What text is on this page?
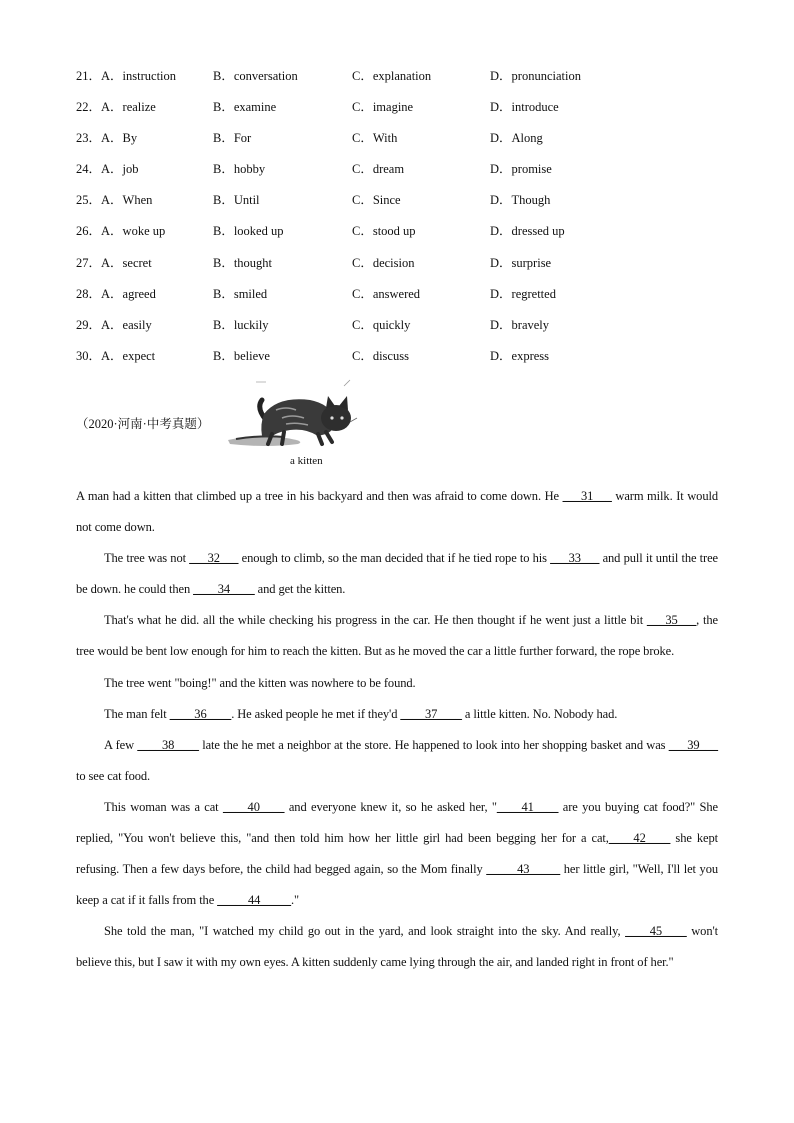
21．A．instruction	B．conversation	C．explanation	D．pronunciation
22．A．realize	B．examine	C．imagine	D．introduce
23．A．By	B．For	C．With	D．Along
24．A．job	B．hobby	C．dream	D．promise
25．A．When	B．Until	C．Since	D．Though
26．A．woke up	B．looked up	C．stood up	D．dressed up
27．A．secret	B．thought	C．decision	D．surprise
28．A．agreed	B．smiled	C．answered	D．regretted
29．A．easily	B．luckily	C．quickly	D．bravely
30．A．expect	B．believe	C．discuss	D．express
（2020·河南·中考真题）
a kitten

A man had a kitten that climbed up a tree in his backyard and then was afraid to come down. He ___31___ warm milk. It would not come down.

The tree was not ___32___ enough to climb, so the man decided that if he tied rope to his ___33___ and pull it until the tree be down. he could then ____34____ and get the kitten.

That's what he did. all the while checking his progress in the car. He then thought if he went just a little bit ___35___, the tree would be bent low enough for him to reach the kitten. But as he moved the car a little further forward, the rope broke.

The tree went "boing!" and the kitten was nowhere to be found.

The man felt ____36____. He asked people he met if they'd ____37____ a little kitten. No. Nobody had.

A few ____38____ late the he met a neighbor at the store. He happened to look into her shopping basket and was ___39___ to see cat food.

This woman was a cat ____40____ and everyone knew it, so he asked her, "____41____ are you buying cat food?" She replied, "You won't believe this, "and then told him how her little girl had been begging her for a cat,____42____ she kept refusing. Then a few days before, the child had begged again, so the Mom finally _____43_____ her little girl, "Well, I'll let you keep a cat if it falls from the _____44_____."

She told the man, "I watched my child go out in the yard, and look straight into the sky. And really, ____45____ won't believe this, but I saw it with my own eyes. A kitten suddenly came lying through the air, and landed right in front of her."
